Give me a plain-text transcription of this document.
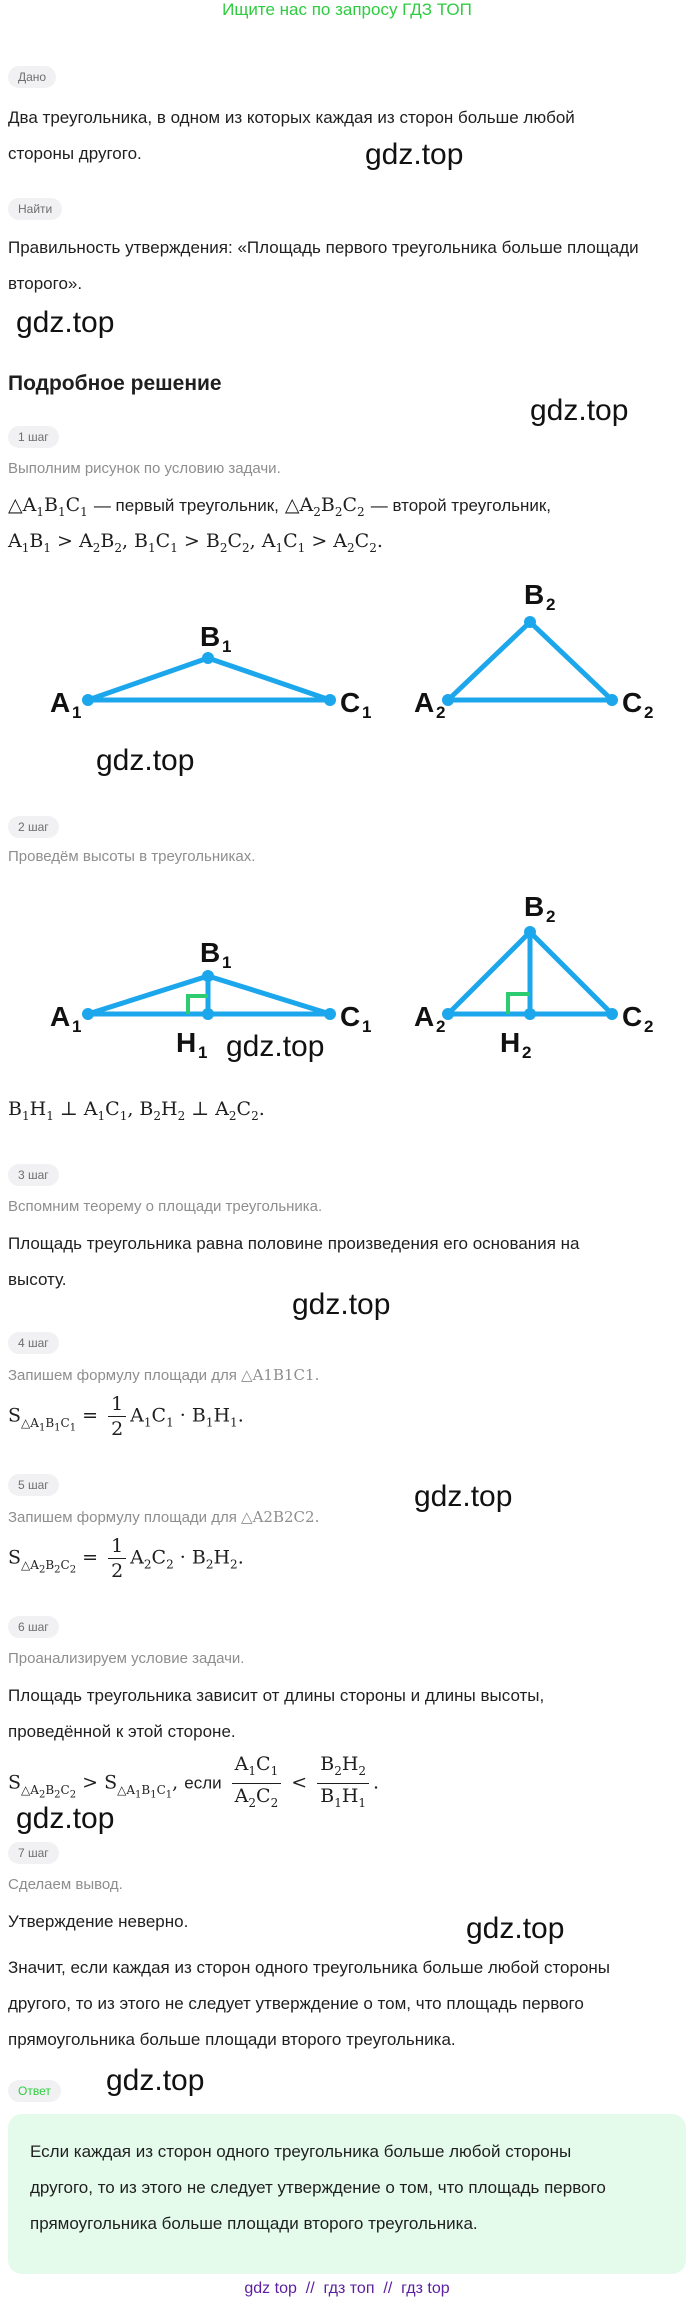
Ищите нас по запросу ГДЗ ТОП
Дано
Два треугольника, в одном из которых каждая из сторон больше любой
стороны другого.	gdz.top
Найти
Правильность утверждения: «Площадь первого треугольника больше площади
второго».
gdz.top
Подробное решение
gdz.top
1 шаг
Выполним рисунок по условию задачи.
$\triangle A_1B_1C_1$ — первый треугольник, $\triangle A_2B_2C_2$ — второй треугольник,
$A_1B_1 > A_2B_2$, $B_1C_1 > B_2C_2$, $A_1C_1 > A_2C_2$.
A 1
B 1
C 1 A 2
B 2
C 2
gdz.top
2 шаг
Проведём высоты в треугольниках.
A 1
B 1
C 1
H 1
A 2
B 2
C 2
H 2
gdz.top
$B_1H_1$ ⊥ $A_1C_1$, $B_2H_2$ ⊥ $A_2C_2$.
3 шаг
Вспомним теорему о площади треугольника.
Площадь треугольника равна половине произведения его основания на
высоту.
gdz.top
4 шаг
Запишем формулу площади для △A1B1C1.
$S_{\triangle A_1B_1C_1} = \frac{1}{2} A_1C_1 \cdot B_1H_1$.
gdz.top
5 шаг
Запишем формулу площади для △A2B2C2.
$S_{\triangle A_2B_2C_2} = \frac{1}{2} A_2C_2 \cdot B_2H_2$.
6 шаг
Проанализируем условие задачи.
Площадь треугольника зависит от длины стороны и длины высоты,
проведённой к этой стороне.
$S_{\triangle A_2B_2C_2} > S_{\triangle A_1B_1C_1}$, если $\frac{A_1C_1}{A_2C_2} < \frac{B_2H_2}{B_1H_1}$ .
gdz.top
7 шаг
Сделаем вывод.
Утверждение неверно.	gdz.top
Значит, если каждая из сторон одного треугольника больше любой стороны
другого, то из этого не следует утверждение о том, что площадь первого
прямоугольника больше площади второго треугольника.
Ответ	gdz.top
Если каждая из сторон одного треугольника больше любой стороны
другого, то из этого не следует утверждение о том, что площадь первого
прямоугольника больше площади второго треугольника.
gdz top  //  гдз топ  //  гдз top
